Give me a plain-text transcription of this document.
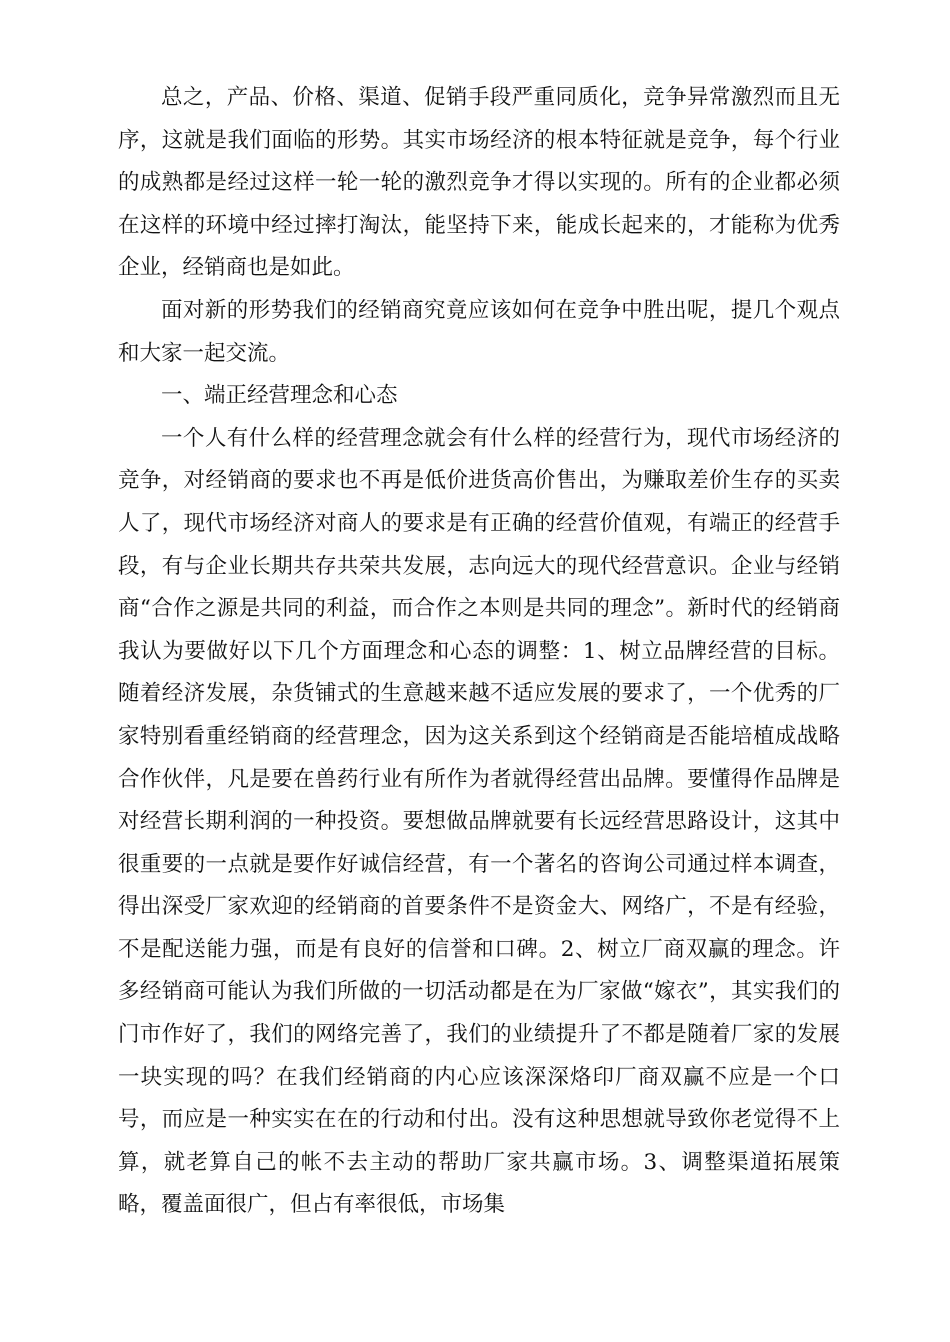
总之，产品、价格、渠道、促销手段严重同质化，竞争异常激烈而且无序，这就是我们面临的形势。其实市场经济的根本特征就是竞争，每个行业的成熟都是经过这样一轮一轮的激烈竞争才得以实现的。所有的企业都必须在这样的环境中经过摔打淘汰，能坚持下来，能成长起来的，才能称为优秀企业，经销商也是如此。

面对新的形势我们的经销商究竟应该如何在竞争中胜出呢，提几个观点和大家一起交流。

一、端正经营理念和心态

一个人有什么样的经营理念就会有什么样的经营行为，现代市场经济的竞争，对经销商的要求也不再是低价进货高价售出，为赚取差价生存的买卖人了，现代市场经济对商人的要求是有正确的经营价值观，有端正的经营手段，有与企业长期共存共荣共发展，志向远大的现代经营意识。企业与经销商“合作之源是共同的利益，而合作之本则是共同的理念”。新时代的经销商我认为要做好以下几个方面理念和心态的调整：1、树立品牌经营的目标。随着经济发展，杂货铺式的生意越来越不适应发展的要求了，一个优秀的厂家特别看重经销商的经营理念，因为这关系到这个经销商是否能培植成战略合作伙伴，凡是要在兽药行业有所作为者就得经营出品牌。要懂得作品牌是对经营长期利润的一种投资。要想做品牌就要有长远经营思路设计，这其中很重要的一点就是要作好诚信经营，有一个著名的咨询公司通过样本调查，得出深受厂家欢迎的经销商的首要条件不是资金大、网络广，不是有经验，不是配送能力强，而是有良好的信誉和口碑。2、树立厂商双赢的理念。许多经销商可能认为我们所做的一切活动都是在为厂家做“嫁衣”，其实我们的门市作好了，我们的网络完善了，我们的业绩提升了不都是随着厂家的发展一块实现的吗？在我们经销商的内心应该深深烙印厂商双赢不应是一个口号，而应是一种实实在在的行动和付出。没有这种思想就导致你老觉得不上算，就老算自己的帐不去主动的帮助厂家共赢市场。3、调整渠道拓展策略，覆盖面很广，但占有率很低，市场集
